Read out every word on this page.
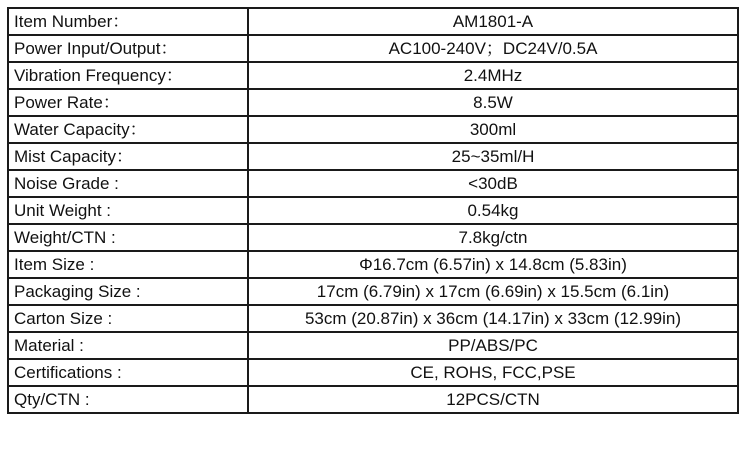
Item Number：	AM1801-A
Power Input/Output：	AC100-240V；DC24V/0.5A
Vibration Frequency：	2.4MHz
Power Rate：	8.5W
Water Capacity：	300ml
Mist Capacity：	25~35ml/H
Noise Grade :	<30dB
Unit Weight :	0.54kg
Weight/CTN :	7.8kg/ctn
Item Size :	Φ16.7cm (6.57in) x 14.8cm (5.83in)
Packaging Size :	17cm (6.79in) x 17cm (6.69in) x 15.5cm (6.1in)
Carton Size :	53cm (20.87in) x 36cm (14.17in) x 33cm (12.99in)
Material :	PP/ABS/PC
Certifications :	CE, ROHS, FCC,PSE
Qty/CTN :	12PCS/CTN
